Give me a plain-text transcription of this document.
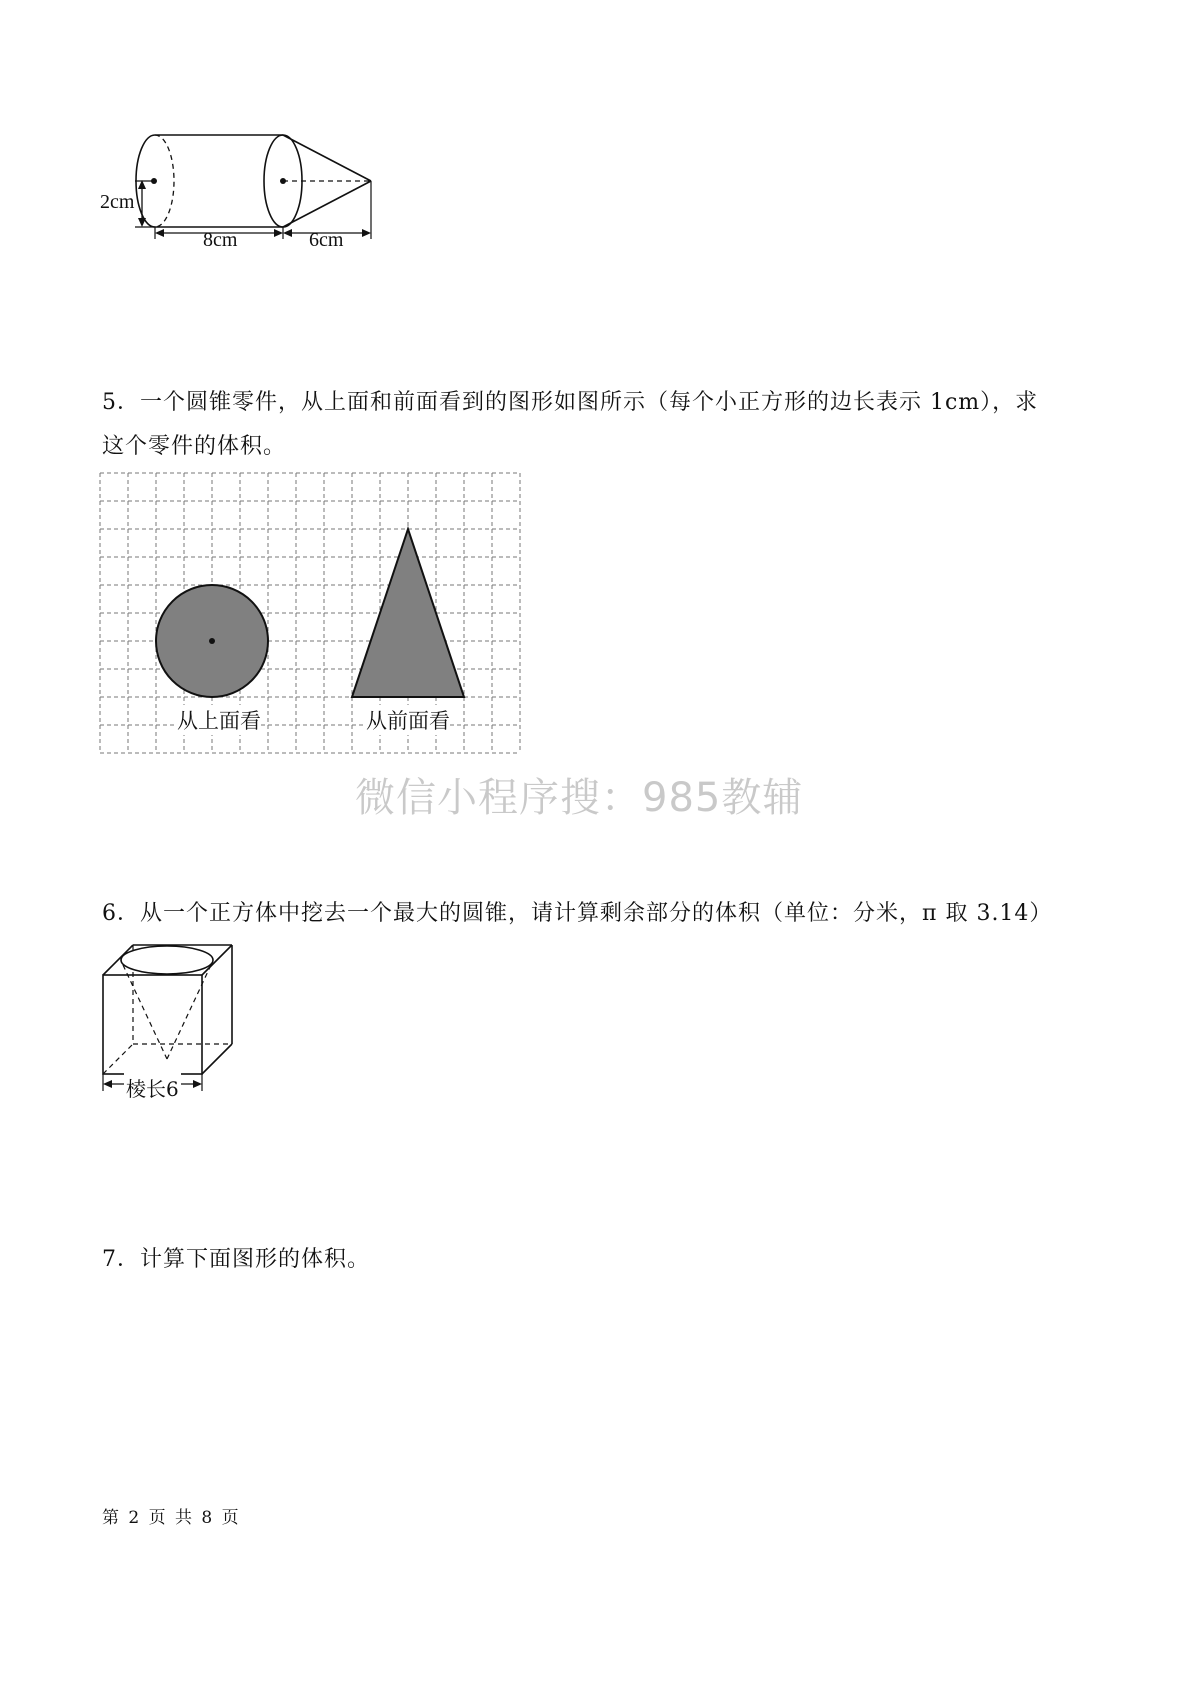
2cm
8cm	6cm
5．一个圆锥零件，从上面和前面看到的图形如图所示（每个小正方形的边长表示 1cm），求
这个零件的体积。
从上面看	从前面看
微信小程序搜：985教辅
6．从一个正方体中挖去一个最大的圆锥，请计算剩余部分的体积（单位：分米，π 取 3.14）
棱长6
7．计算下面图形的体积。
第 2 页 共 8 页
